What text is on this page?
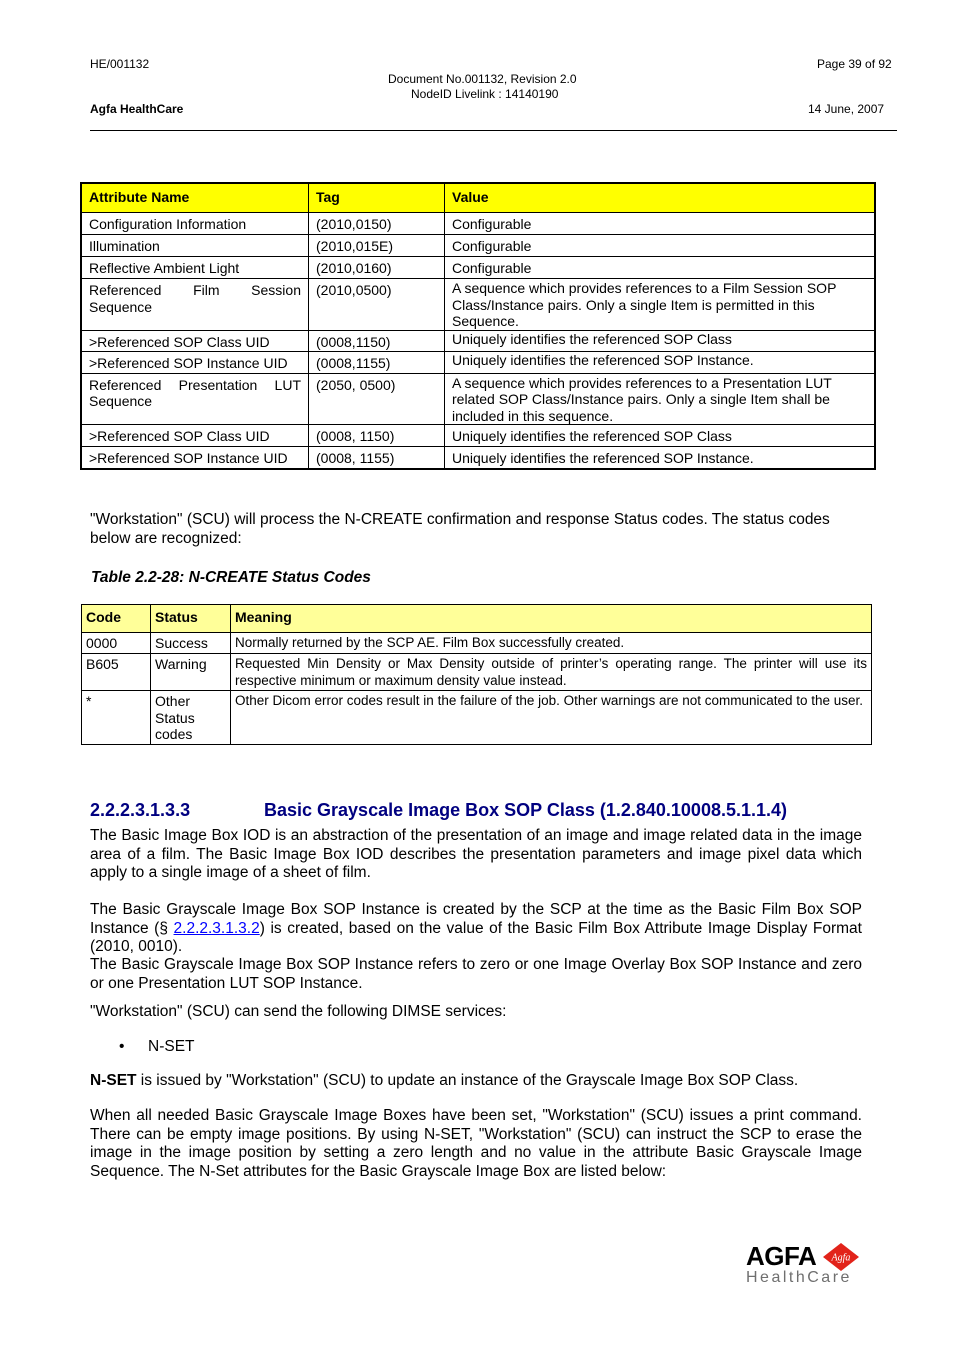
HE/001132	Page 39 of 92
Document No.001132, Revision 2.0
NodeID Livelink : 14140190
Agfa HealthCare	14 June, 2007
Attribute Name	Tag	Value
Configuration Information	(2010,0150)	Configurable
Illumination	(2010,015E)	Configurable
Reflective Ambient Light	(2010,0160)	Configurable
Referenced Film Session Sequence	(2010,0500)	A sequence which provides references to a Film Session SOP Class/Instance pairs. Only a single Item is permitted in this Sequence.
>Referenced SOP Class UID	(0008,1150)	Uniquely identifies the referenced SOP Class
>Referenced SOP Instance UID	(0008,1155)	Uniquely identifies the referenced SOP Instance.
Referenced Presentation LUT Sequence	(2050, 0500)	A sequence which provides references to a Presentation LUT related SOP Class/Instance pairs. Only a single Item shall be included in this sequence.
>Referenced SOP Class UID	(0008, 1150)	Uniquely identifies the referenced SOP Class
>Referenced SOP Instance UID	(0008, 1155)	Uniquely identifies the referenced SOP Instance.
"Workstation" (SCU) will process the N-CREATE confirmation and response Status codes. The status codes below are recognized:
Table 2.2-28: N-CREATE Status Codes
Code	Status	Meaning
0000	Success	Normally returned by the SCP AE. Film Box successfully created.
B605	Warning	Requested Min Density or Max Density outside of printer’s operating range. The printer will use its respective minimum or maximum density value instead.
*	Other Status codes	Other Dicom error codes result in the failure of the job. Other warnings are not communicated to the user.
2.2.2.3.1.3.3	Basic Grayscale Image Box SOP Class (1.2.840.10008.5.1.1.4)
The Basic Image Box IOD is an abstraction of the presentation of an image and image related data in the image area of a film. The Basic Image Box IOD describes the presentation parameters and image pixel data which apply to a single image of a sheet of film.
The Basic Grayscale Image Box SOP Instance is created by the SCP at the time as the Basic Film Box SOP Instance (§ 2.2.2.3.1.3.2) is created, based on the value of the Basic Film Box Attribute Image Display Format (2010, 0010).
The Basic Grayscale Image Box SOP Instance refers to zero or one Image Overlay Box SOP Instance and zero or one Presentation LUT SOP Instance.
"Workstation" (SCU) can send the following DIMSE services:
• N-SET
N-SET is issued by "Workstation" (SCU) to update an instance of the Grayscale Image Box SOP Class.
When all needed Basic Grayscale Image Boxes have been set, "Workstation" (SCU) issues a print command. There can be empty image positions. By using N-SET, "Workstation" (SCU) can instruct the SCP to erase the image in the image position by setting a zero length and no value in the attribute Basic Grayscale Image Sequence. The N-Set attributes for the Basic Grayscale Image Box are listed below:
AGFA Agfa
HealthCare
